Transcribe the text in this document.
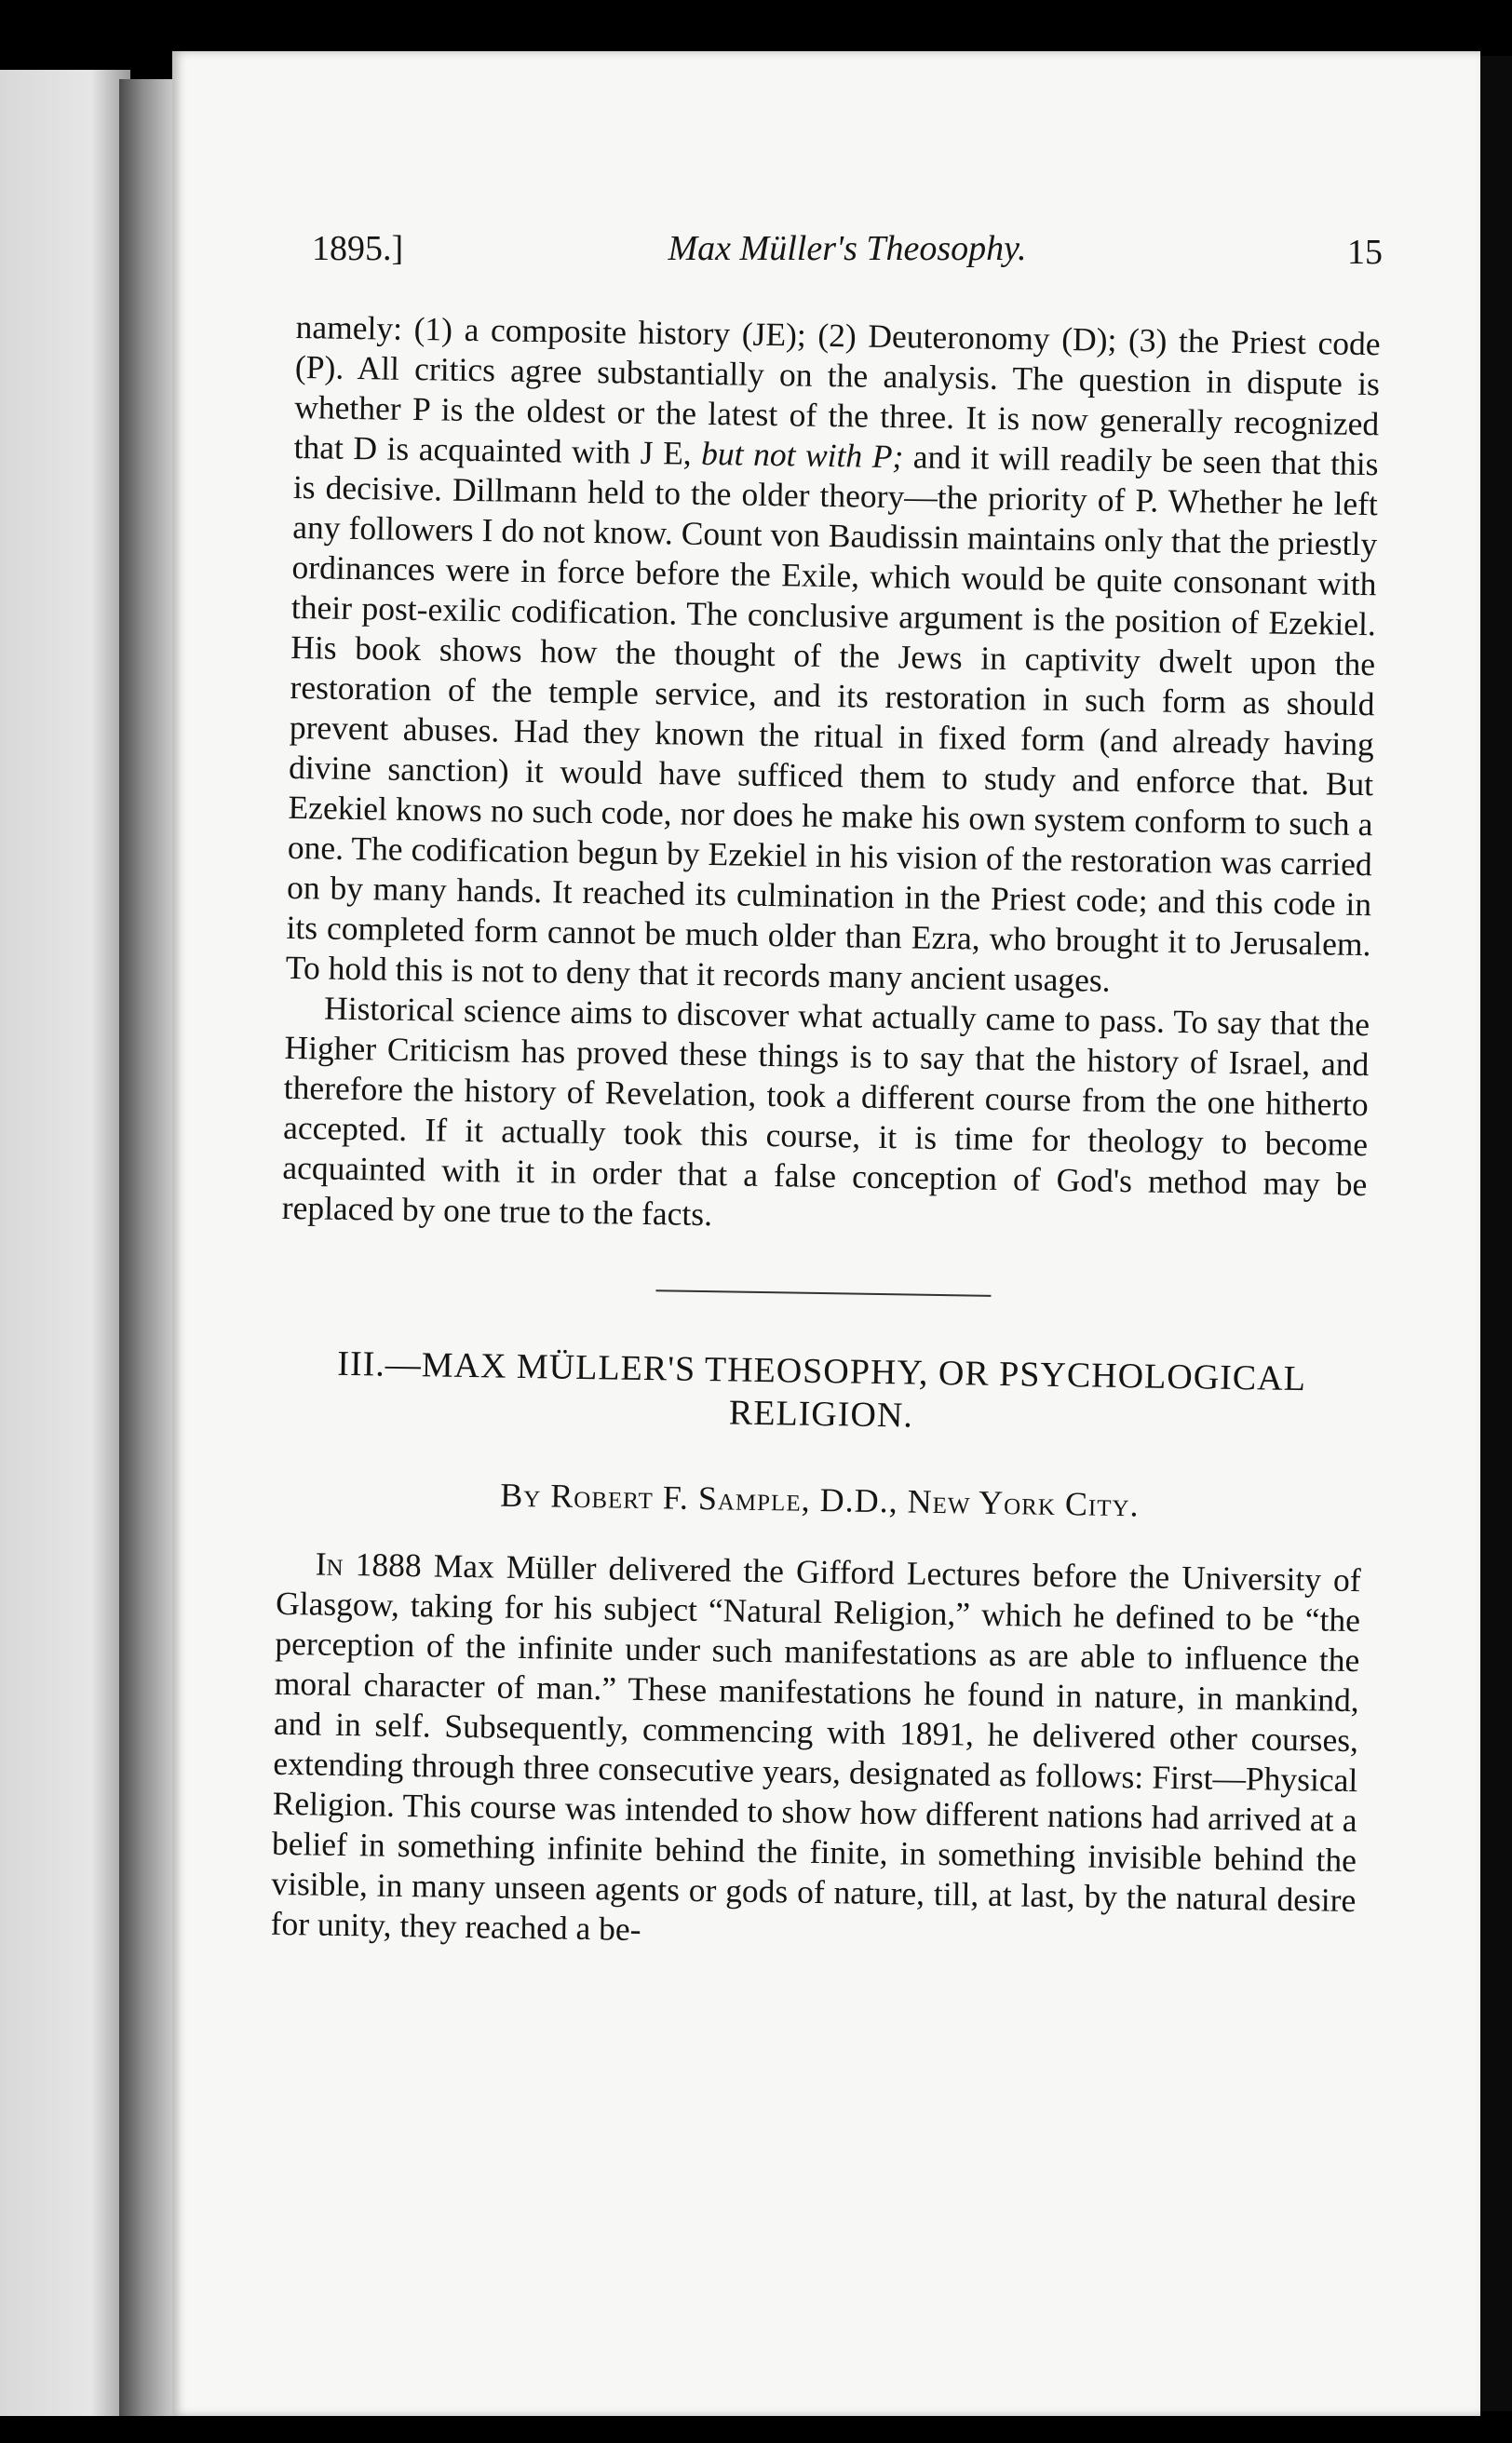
1895.]	Max Müller's Theosophy.	15

namely: (1) a composite history (JE); (2) Deuteronomy (D); (3) the Priest code (P). All critics agree substantially on the analysis. The question in dispute is whether P is the oldest or the latest of the three. It is now generally recognized that D is acquainted with J E, but not with P; and it will readily be seen that this is decisive. Dillmann held to the older theory—the priority of P. Whether he left any followers I do not know. Count von Baudissin maintains only that the priestly ordinances were in force before the Exile, which would be quite consonant with their post-exilic codification. The conclusive argument is the position of Ezekiel. His book shows how the thought of the Jews in captivity dwelt upon the restoration of the temple service, and its restoration in such form as should prevent abuses. Had they known the ritual in fixed form (and already having divine sanction) it would have sufficed them to study and enforce that. But Ezekiel knows no such code, nor does he make his own system conform to such a one. The codification begun by Ezekiel in his vision of the restoration was carried on by many hands. It reached its culmination in the Priest code; and this code in its completed form cannot be much older than Ezra, who brought it to Jerusalem. To hold this is not to deny that it records many ancient usages.

Historical science aims to discover what actually came to pass. To say that the Higher Criticism has proved these things is to say that the history of Israel, and therefore the history of Revelation, took a different course from the one hitherto accepted. If it actually took this course, it is time for theology to become acquainted with it in order that a false conception of God's method may be replaced by one true to the facts.

III.—MAX MÜLLER'S THEOSOPHY, OR PSYCHOLOGICAL
RELIGION.
By Robert F. Sample, D.D., New York City.

In 1888 Max Müller delivered the Gifford Lectures before the University of Glasgow, taking for his subject “Natural Religion,” which he defined to be “the perception of the infinite under such manifestations as are able to influence the moral character of man.” These manifestations he found in nature, in mankind, and in self. Subsequently, commencing with 1891, he delivered other courses, extending through three consecutive years, designated as follows: First—Physical Religion. This course was intended to show how different nations had arrived at a belief in something infinite behind the finite, in something invisible behind the visible, in many unseen agents or gods of nature, till, at last, by the natural desire for unity, they reached a be-
